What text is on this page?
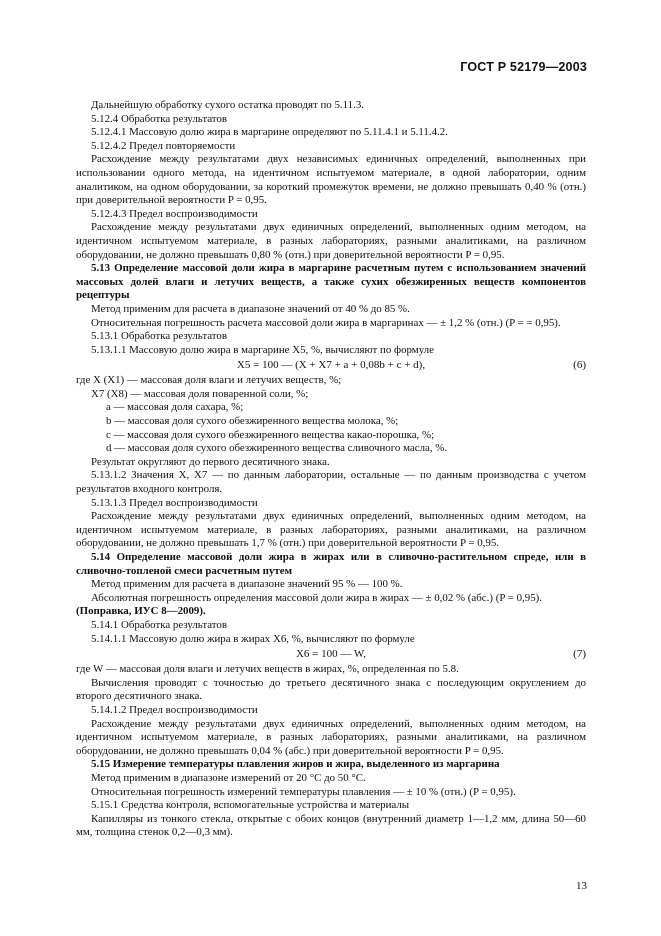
ГОСТ Р 52179—2003

Дальнейшую обработку сухого остатка проводят по 5.11.3.

5.12.4 Обработка результатов

5.12.4.1 Массовую долю жира в маргарине определяют по 5.11.4.1 и 5.11.4.2.

5.12.4.2 Предел повторяемости

Расхождение между результатами двух независимых единичных определений, выполненных при использовании одного метода, на идентичном испытуемом материале, в одной лаборатории, одним аналитиком, на одном оборудовании, за короткий промежуток времени, не должно превышать 0,40 % (отн.) при доверительной вероятности P = 0,95.

5.12.4.3 Предел воспроизводимости

Расхождение между результатами двух единичных определений, выполненных одним методом, на идентичном испытуемом материале, в разных лабораториях, разными аналитиками, на различном оборудовании, не должно превышать 0,80 % (отн.) при доверительной вероятности P = 0,95.

5.13 Определение массовой доли жира в маргарине расчетным путем с использованием значений массовых долей влаги и летучих веществ, а также сухих обезжиренных веществ компонентов рецептуры

Метод применим для расчета в диапазоне значений от 40 % до 85 %.

Относительная погрешность расчета массовой доли жира в маргаринах — ± 1,2 % (отн.) (P = = 0,95).

5.13.1 Обработка результатов

5.13.1.1 Массовую долю жира в маргарине X5, %, вычисляют по формуле

X5 = 100 — (X + X7 + a + 0,08b + c + d),	(6)

где X (X1) — массовая доля влаги и летучих веществ, %;

X7 (X8) — массовая доля поваренной соли, %;

a — массовая доля сахара, %;

b — массовая доля сухого обезжиренного вещества молока, %;

c — массовая доля сухого обезжиренного вещества какао-порошка, %;

d — массовая доля сухого обезжиренного вещества сливочного масла, %.

Результат округляют до первого десятичного знака.

5.13.1.2 Значения X, X7 — по данным лаборатории, остальные — по данным производства с учетом результатов входного контроля.

5.13.1.3 Предел воспроизводимости

Расхождение между результатами двух единичных определений, выполненных одним методом, на идентичном испытуемом материале, в разных лабораториях, разными аналитиками, на различном оборудовании, не должно превышать 1,7 % (отн.) при доверительной вероятности P = 0,95.

5.14 Определение массовой доли жира в жирах или в сливочно-растительном спреде, или в сливочно-топленой смеси расчетным путем

Метод применим для расчета в диапазоне значений 95 % — 100 %.

Абсолютная погрешность определения массовой доли жира в жирах — ± 0,02 % (абс.) (P = 0,95).

(Поправка, ИУС 8—2009).

5.14.1 Обработка результатов

5.14.1.1 Массовую долю жира в жирах X6, %, вычисляют по формуле

X6 = 100 — W,	(7)

где W — массовая доля влаги и летучих веществ в жирах, %, определенная по 5.8.

Вычисления проводят с точностью до третьего десятичного знака с последующим округлением до второго десятичного знака.

5.14.1.2 Предел воспроизводимости

Расхождение между результатами двух единичных определений, выполненных одним методом, на идентичном испытуемом материале, в разных лабораториях, разными аналитиками, на различном оборудовании, не должно превышать 0,04 % (абс.) при доверительной вероятности P = 0,95.

5.15 Измерение температуры плавления жиров и жира, выделенного из маргарина

Метод применим в диапазоне измерений от 20 °С до 50 °С.

Относительная погрешность измерений температуры плавления — ± 10 % (отн.) (P = 0,95).

5.15.1 Средства контроля, вспомогательные устройства и материалы

Капилляры из тонкого стекла, открытые с обоих концов (внутренний диаметр 1—1,2 мм, длина 50—60 мм, толщина стенок 0,2—0,3 мм).

13
